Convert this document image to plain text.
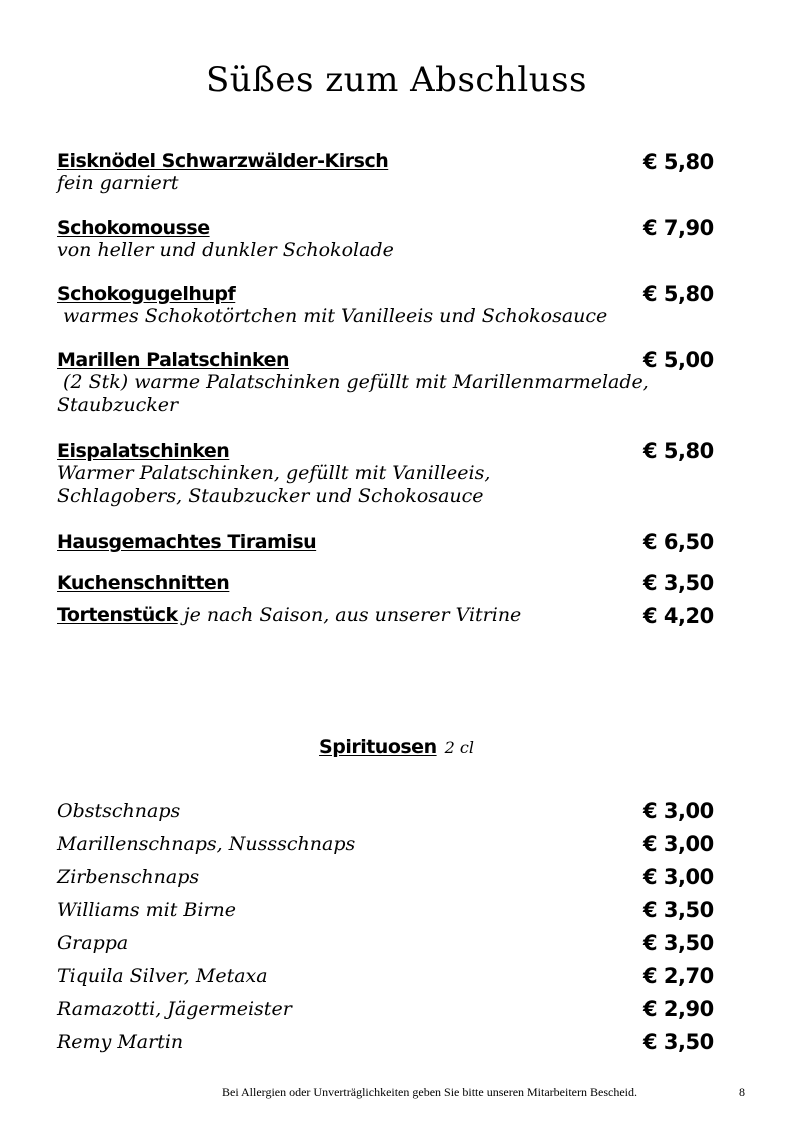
Süßes zum Abschluss
Eisknödel Schwarzwälder-Kirsch
fein garniert
€ 5,80
Schokomousse
von heller und dunkler Schokolade
€ 7,90
Schokogugelhupf
warmes Schokotörtchen mit Vanilleeis und Schokosauce
€ 5,80
Marillen Palatschinken
(2 Stk) warme Palatschinken gefüllt mit Marillenmarmelade,
Staubzucker
€ 5,00
Eispalatschinken
Warmer Palatschinken, gefüllt mit Vanilleeis,
Schlagobers, Staubzucker und Schokosauce
€ 5,80
Hausgemachtes Tiramisu	€ 6,50
Kuchenschnitten	€ 3,50
Tortenstück je nach Saison, aus unserer Vitrine	€ 4,20
Spirituosen 2 cl
Obstschnaps	€ 3,00
Marillenschnaps, Nussschnaps	€ 3,00
Zirbenschnaps	€ 3,00
Williams mit Birne	€ 3,50
Grappa	€ 3,50
Tiquila Silver, Metaxa	€ 2,70
Ramazotti, Jägermeister	€ 2,90
Remy Martin	€ 3,50
Bei Allergien oder Unverträglichkeiten geben Sie bitte unseren Mitarbeitern Bescheid.	8
